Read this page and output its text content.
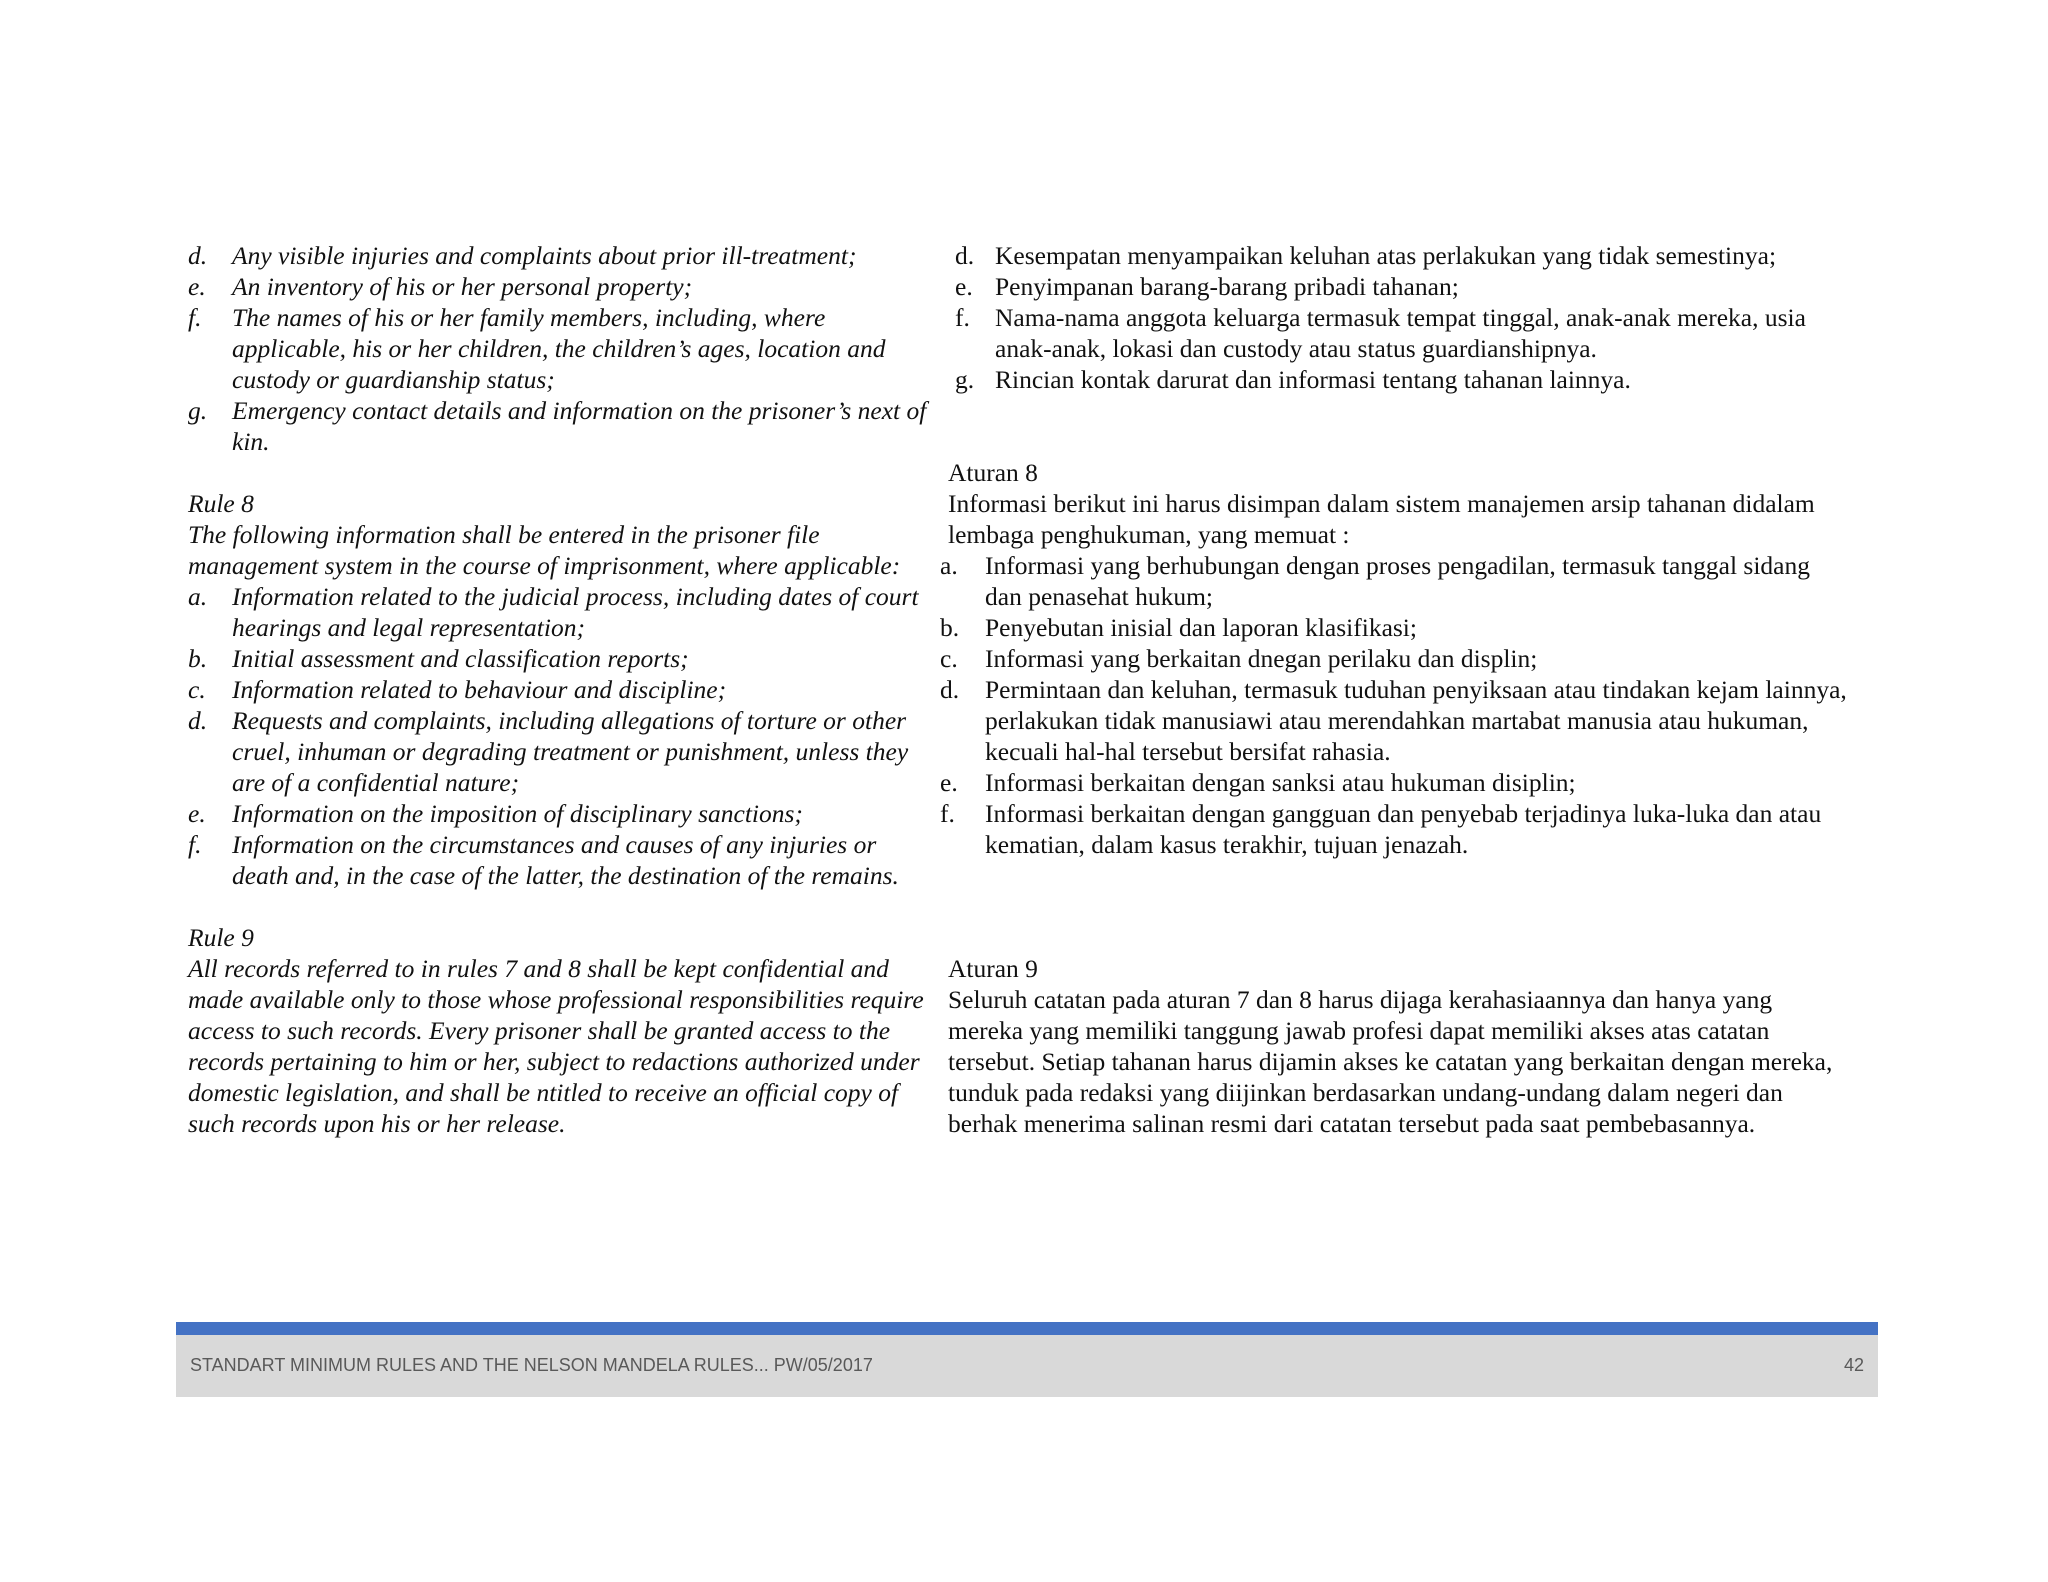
d. Any visible injuries and complaints about prior ill-treatment;
e. An inventory of his or her personal property;
f. The names of his or her family members, including, where applicable, his or her children, the children’s ages, location and custody or guardianship status;
g. Emergency contact details and information on the prisoner’s next of kin.

Rule 8

The following information shall be entered in the prisoner file management system in the course of imprisonment, where applicable:

a. Information related to the judicial process, including dates of court hearings and legal representation;
b. Initial assessment and classification reports;
c. Information related to behaviour and discipline;
d. Requests and complaints, including allegations of torture or other cruel, inhuman or degrading treatment or punishment, unless they are of a confidential nature;
e. Information on the imposition of disciplinary sanctions;
f. Information on the circumstances and causes of any injuries or death and, in the case of the latter, the destination of the remains.

Rule 9

All records referred to in rules 7 and 8 shall be kept confidential and made available only to those whose professional responsibilities require access to such records. Every prisoner shall be granted access to the records pertaining to him or her, subject to redactions authorized under domestic legislation, and shall be ntitled to receive an official copy of such records upon his or her release.

d. Kesempatan menyampaikan keluhan atas perlakukan yang tidak semestinya;
e. Penyimpanan barang-barang pribadi tahanan;
f. Nama-nama anggota keluarga termasuk tempat tinggal, anak-anak mereka, usia anak-anak, lokasi dan custody atau status guardianshipnya.
g. Rincian kontak darurat dan informasi tentang tahanan lainnya.

Aturan 8

Informasi berikut ini harus disimpan dalam sistem manajemen arsip tahanan didalam lembaga penghukuman, yang memuat :

a. Informasi yang berhubungan dengan proses pengadilan, termasuk tanggal sidang dan penasehat hukum;
b. Penyebutan inisial dan laporan klasifikasi;
c. Informasi yang berkaitan dnegan perilaku dan displin;
d. Permintaan dan keluhan, termasuk tuduhan penyiksaan atau tindakan kejam lainnya, perlakukan tidak manusiawi atau merendahkan martabat manusia atau hukuman, kecuali hal-hal tersebut bersifat rahasia.
e. Informasi berkaitan dengan sanksi atau hukuman disiplin;
f. Informasi berkaitan dengan gangguan dan penyebab terjadinya luka-luka dan atau kematian, dalam kasus terakhir, tujuan jenazah.

Aturan 9

Seluruh catatan pada aturan 7 dan 8 harus dijaga kerahasiaannya dan hanya yang mereka yang memiliki tanggung jawab profesi dapat memiliki akses atas catatan tersebut. Setiap tahanan harus dijamin akses ke catatan yang berkaitan dengan mereka, tunduk pada redaksi yang diijinkan berdasarkan undang-undang dalam negeri dan berhak menerima salinan resmi dari catatan tersebut pada saat pembebasannya.

STANDART MINIMUM RULES AND THE NELSON MANDELA RULES... PW/05/2017	42
